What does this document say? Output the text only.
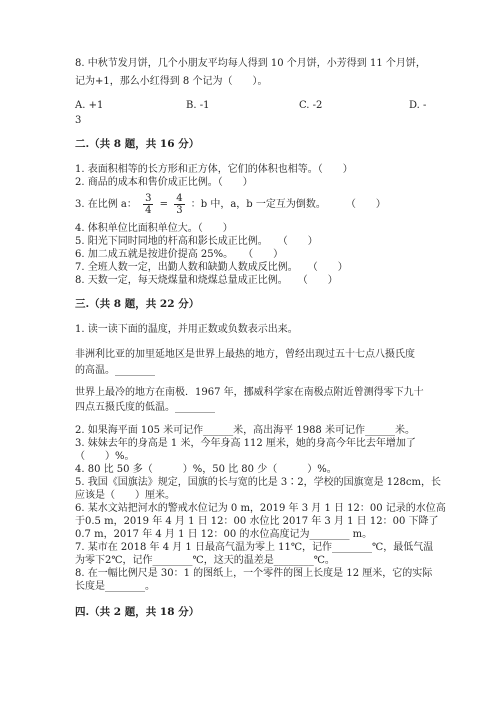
8. 中秋节发月饼，几个小朋友平均每人得到 10 个月饼，小芳得到 11 个月饼，
记为+1，那么小红得到 8 个记为（　　）。
A. +1	B. -1	C. -2	D. -
3
二.（共 8 题，共 16 分）
1. 表面积相等的长方形和正方体，它们的体积也相等。（　　）
2. 商品的成本和售价成正比例。（　　）
3. 在比例 a： $\frac{3}{4} = \frac{4}{3}$ ：b 中，a，b 一定互为倒数。　　　（　　）
4. 体积单位比面积单位大。（　　）
5. 阳光下同时同地的杆高和影长成正比例。　　（　　）
6. 加二成五就是按进价提高 25%。　　（　　）
7. 全班人数一定，出勤人数和缺勤人数成反比例。　　（　　）
8. 天数一定，每天烧煤量和烧煤总量成正比例。　　（　　）
三.（共 8 题，共 22 分）
1. 读一读下面的温度，并用正数或负数表示出来。
非洲利比亚的加里延地区是世界上最热的地方，曾经出现过五十七点八摄氏度
的高温。________
世界上最冷的地方在南极．1967 年，挪威科学家在南极点附近曾测得零下九十
四点五摄氏度的低温。________
2. 如果海平面 105 米可记作______米，高出海平 1988 米可记作______米。
3. 妹妹去年的身高是 1 米，今年身高 112 厘米，她的身高今年比去年增加了
（　　）%。
4. 80 比 50 多（　　　）%，50 比 80 少（　　　）%。
5. 我国《国旗法》规定，国旗的长与宽的比是 3∶2，学校的国旗宽是 128cm，长
应该是（　　）厘米。
6. 某水文站把河水的警戒水位记为 0 m，2019 年 3 月 1 日 12：00 记录的水位高
于0.5 m，2019 年 4 月 1 日 12：00 水位比 2017 年 3 月 1 日 12：00 下降了
0.7 m，2017 年 4 月 1 日 12：00 的水位高度记为________ m。
7. 某市在 2018 年 4 月 1 日最高气温为零上 11℃，记作________℃，最低气温
为零下2℃，记作________℃，这天的温差是________℃。
8. 在一幅比例尺是 30：1 的图纸上，一个零件的图上长度是 12 厘米，它的实际
长度是________。
四.（共 2 题，共 18 分）
